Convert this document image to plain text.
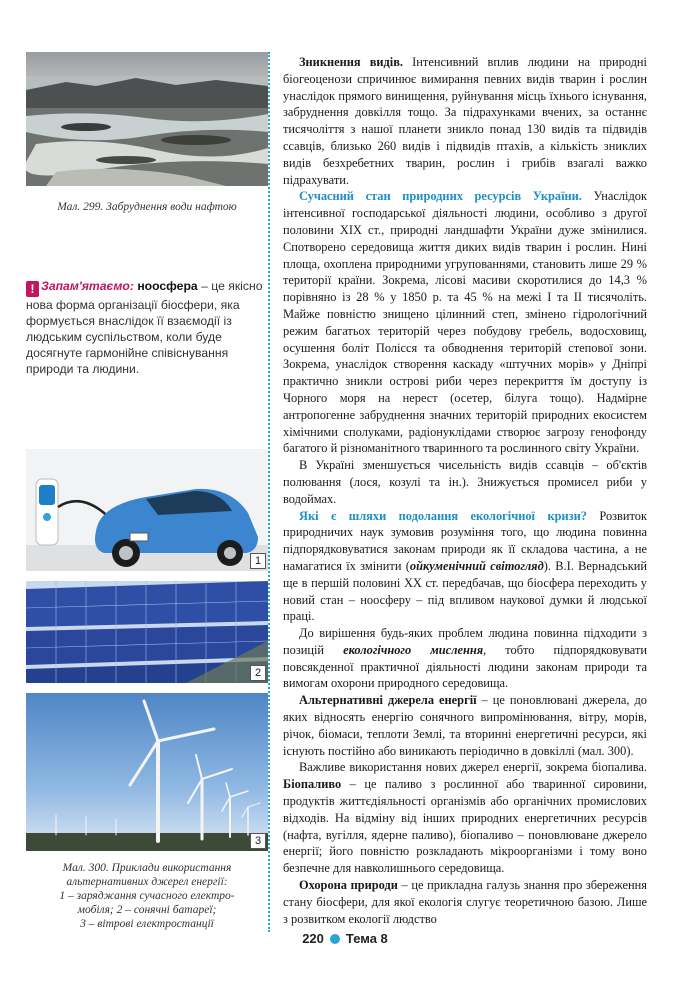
Мал. 299. Забруднення води нафтою
! Запам'ятаємо: ноосфера – це якісно нова форма організації біосфери, яка формується внаслідок її взаємодії із людським суспільством, коли буде досягнуте гармонійне співіснування природи та людини.
1
2
3
Мал. 300. Приклади використання
альтернативних джерел енергії:
1 – заряджання сучасного електро-
мобіля; 2 – сонячні батареї;
3 – вітрові електростанції

Зникнення видів. Інтенсивний вплив людини на природні біогеоценози спричинює вимирання певних видів тварин і рослин унаслідок прямого винищення, руйнування місць їхнього існування, забруднення довкілля тощо. За підрахунками вчених, за останнє тисячоліття з нашої планети зникло понад 130 видів та підвидів ссавців, близько 260 видів і підвидів птахів, а кількість зниклих видів безхребетних тварин, рослин і грибів взагалі важко підрахувати.

Сучасний стан природних ресурсів України. Унаслідок інтенсивної господарської діяльності людини, особливо з другої половини XIX ст., природні ландшафти України дуже змінилися. Спотворено середовища життя диких видів тварин і рослин. Нині площа, охоплена природними угрупованнями, становить лише 29 % території країни. Зокрема, лісові масиви скоротилися до 14,3 % порівняно із 28 % у 1850 р. та 45 % на межі I та II тисячоліть. Майже повністю знищено цілинний степ, змінено гідрологічний режим багатьох територій через побудову гребель, водосховищ, осушення боліт Полісся та обводнення територій степової зони. Зокрема, унаслідок створення каскаду «штучних морів» у Дніпрі практично зникли острові риби через перекриття їм доступу із Чорного моря на нерест (осетер, білуга тощо). Надмірне антропогенне забруднення значних територій природних екосистем хімічними сполуками, радіонуклідами створює загрозу генофонду багатого й різноманітного тваринного та рослинного світу України.

В Україні зменшується чисельність видів ссавців – об'єктів полювання (лося, козулі та ін.). Знижується промисел риби у водоймах.

Які є шляхи подолання екологічної кризи? Розвиток природничих наук зумовив розуміння того, що людина повинна підпорядковуватися законам природи як її складова частина, а не намагатися їх змінити (ойкуменічний світогляд). В.І. Вернадський ще в першій половині XX ст. передбачав, що біосфера переходить у новий стан – ноосферу – під впливом наукової думки й людської праці.

До вирішення будь-яких проблем людина повинна підходити з позицій екологічного мислення, тобто підпорядковувати повсякденної практичної діяльності людини законам природи та вимогам охорони природного середовища.

Альтернативні джерела енергії – це поновлювані джерела, до яких відносять енергію сонячного випромінювання, вітру, морів, річок, біомаси, теплоти Землі, та вторинні енергетичні ресурси, які існують постійно або виникають періодично в довкіллі (мал. 300).

Важливе використання нових джерел енергії, зокрема біопалива. Біопаливо – це паливо з рослинної або тваринної сировини, продуктів життєдіяльності організмів або органічних промислових відходів. На відміну від інших природних енергетичних ресурсів (нафта, вугілля, ядерне паливо), біопаливо – поновлюване джерело енергії; його повністю розкладають мікроорганізми і тому воно безпечне для навколишнього середовища.

Охорона природи – це прикладна галузь знання про збереження стану біосфери, для якої екологія слугує теоретичною базою. Лише з розвитком екології людство

220 Тема 8
